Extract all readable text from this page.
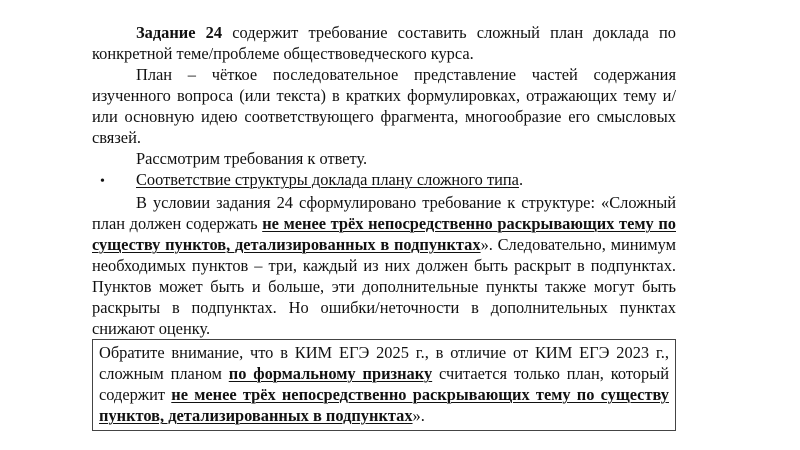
Задание 24 содержит требование составить сложный план доклада по конкретной теме/проблеме обществоведческого курса.

План – чёткое последовательное представление частей содержания изученного вопроса (или текста) в кратких формулировках, отражающих тему и/или основную идею соответствующего фрагмента, многообразие его смысловых связей.

Рассмотрим требования к ответу.

•	Соответствие структуры доклада плану сложного типа.

В условии задания 24 сформулировано требование к структуре: «Сложный план должен содержать не менее трёх непосредственно раскрывающих тему по существу пунктов, детализированных в подпунктах». Следовательно, минимум необходимых пунктов – три, каждый из них должен быть раскрыт в подпунктах. Пунктов может быть и больше, эти дополнительные пункты также могут быть раскрыты в подпунктах. Но ошибки/неточности в дополнительных пунктах снижают оценку.

Обратите внимание, что в КИМ ЕГЭ 2025 г., в отличие от КИМ ЕГЭ 2023 г., сложным планом по формальному признаку считается только план, который содержит не менее трёх непосредственно раскрывающих тему по существу пунктов, детализированных в подпунктах».
